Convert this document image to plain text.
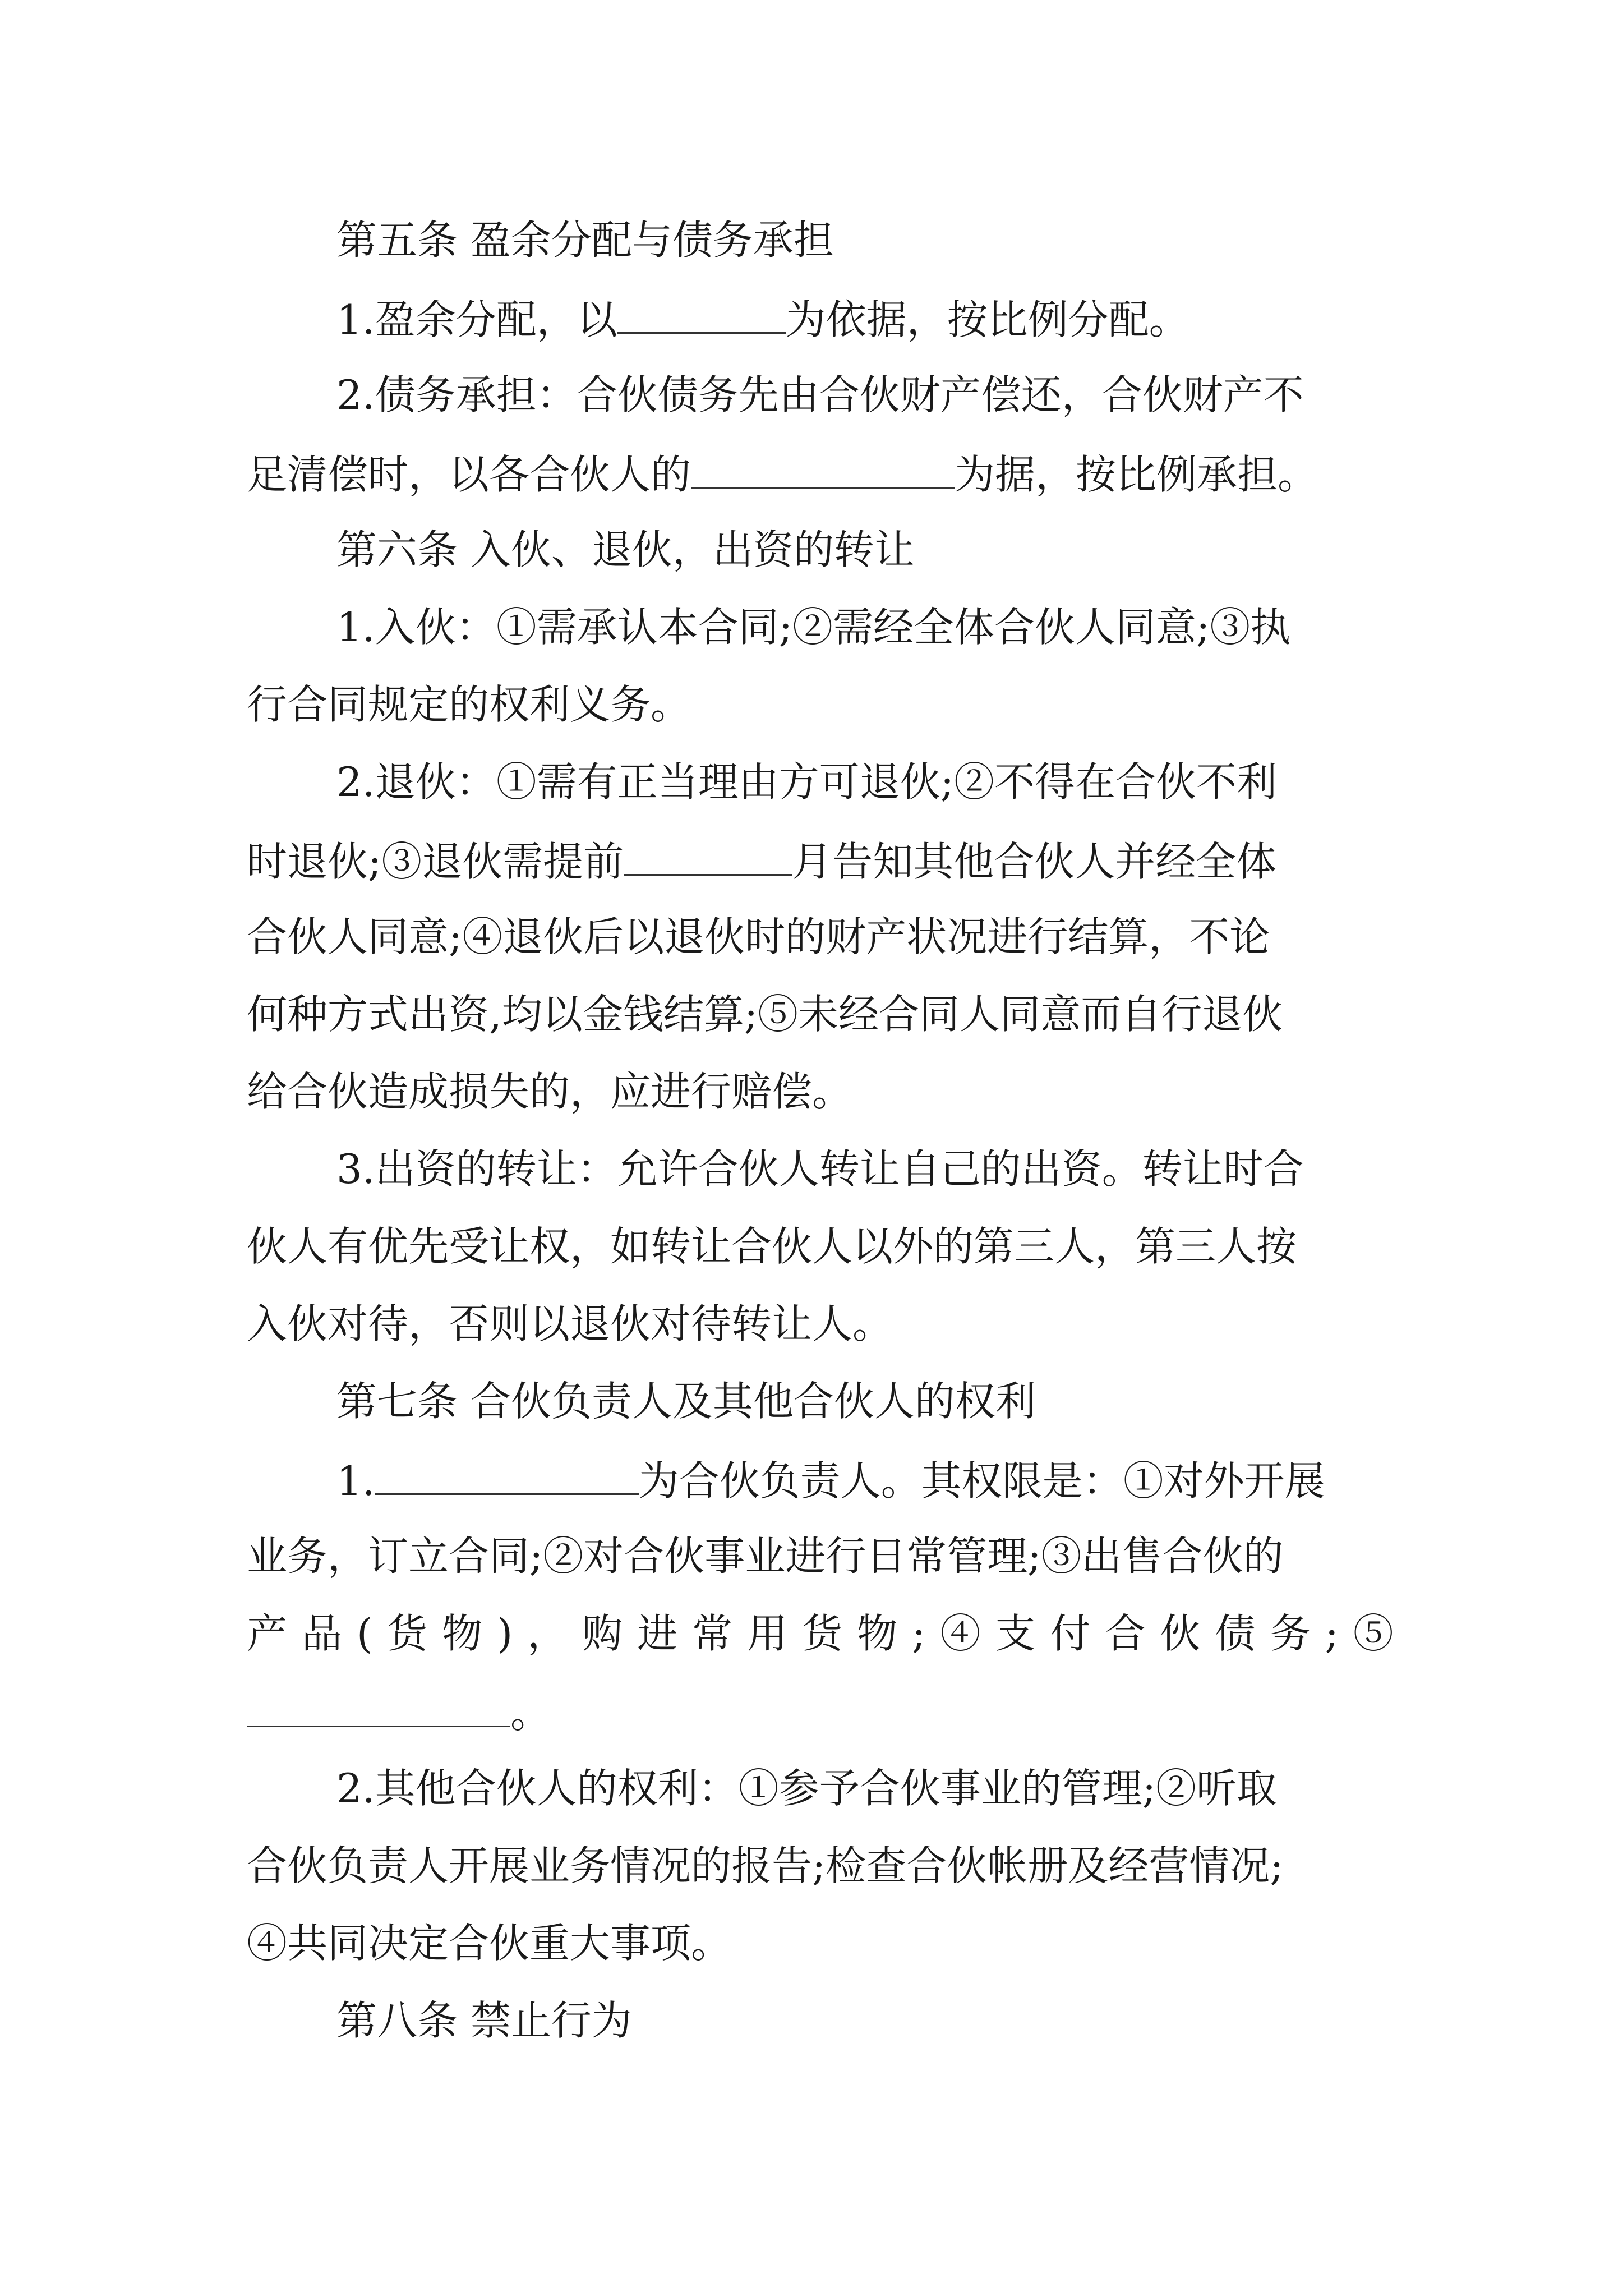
第五条 盈余分配与债务承担
1.盈余分配，以	为依据，按比例分配。
2.债务承担：合伙债务先由合伙财产偿还，合伙财产不
足清偿时，以各合伙人的	为据，按比例承担。
第六条 入伙、退伙，出资的转让
1.入伙：①需承认本合同;②需经全体合伙人同意;③执
行合同规定的权利义务。
2.退伙：①需有正当理由方可退伙;②不得在合伙不利
时退伙;③退伙需提前	月告知其他合伙人并经全体
合伙人同意;④退伙后以退伙时的财产状况进行结算，不论
何种方式出资,均以金钱结算;⑤未经合同人同意而自行退伙
给合伙造成损失的，应进行赔偿。
3.出资的转让：允许合伙人转让自己的出资。转让时合
伙人有优先受让权，如转让合伙人以外的第三人，第三人按
入伙对待，否则以退伙对待转让人。
第七条 合伙负责人及其他合伙人的权利
1.	为合伙负责人。其权限是：①对外开展
业务，订立合同;②对合伙事业进行日常管理;③出售合伙的
产品(货物)，购进常用货物;④支付合伙债务;⑤
。
2.其他合伙人的权利：①参予合伙事业的管理;②听取
合伙负责人开展业务情况的报告;检查合伙帐册及经营情况;
④共同决定合伙重大事项。
第八条 禁止行为
